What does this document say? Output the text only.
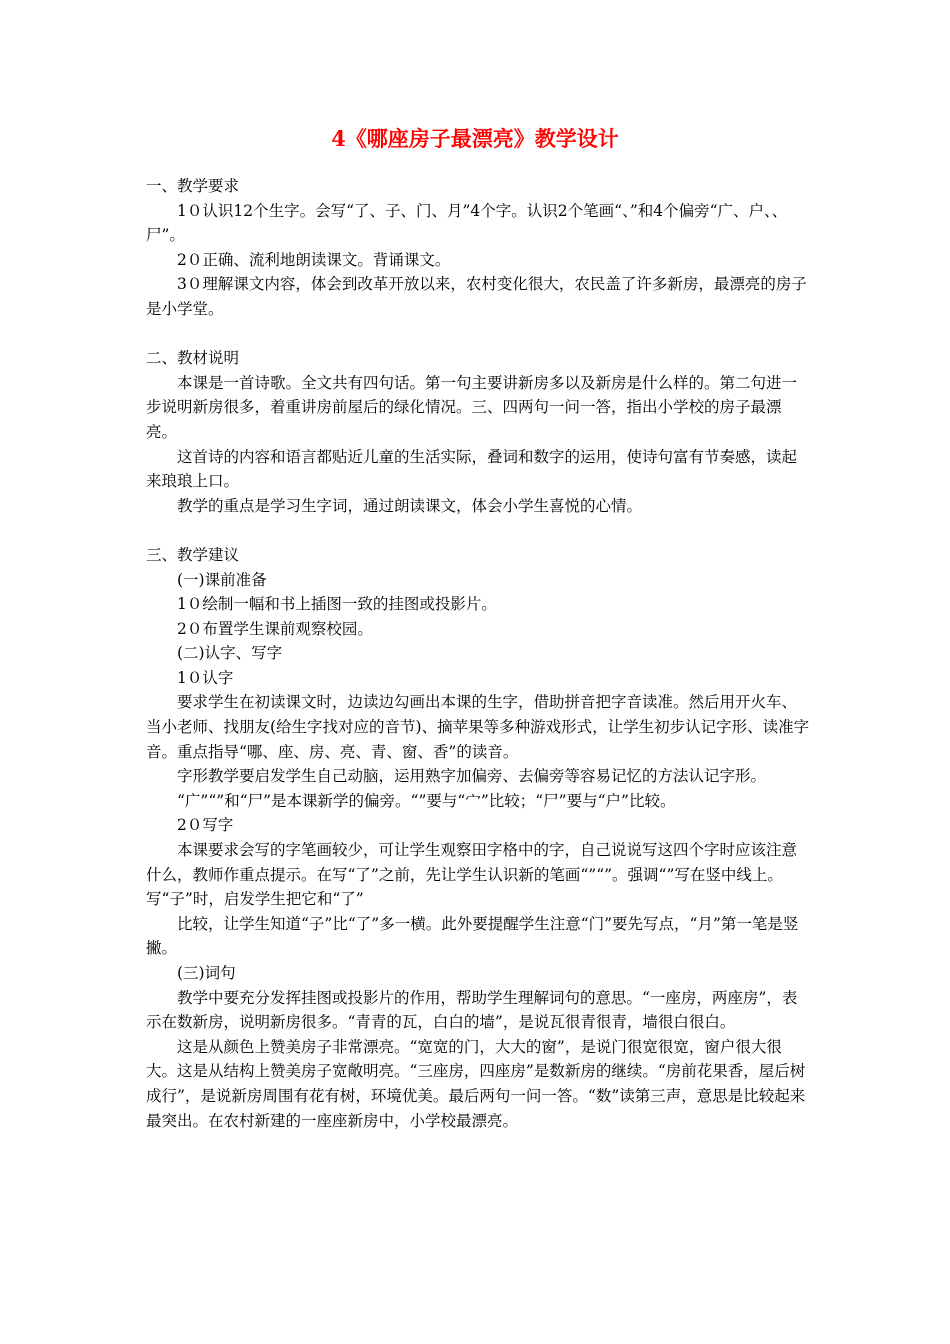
4《哪座房子最漂亮》教学设计

一、教学要求

1０认识12个生字。会写“了、子、门、月”4个字。认识2个笔画“、”和4个偏旁“广、户、、尸”。

2０正确、流利地朗读课文。背诵课文。

3０理解课文内容，体会到改革开放以来，农村变化很大，农民盖了许多新房，最漂亮的房子是小学堂。

二、教材说明

本课是一首诗歌。全文共有四句话。第一句主要讲新房多以及新房是什么样的。第二句进一步说明新房很多，着重讲房前屋后的绿化情况。三、四两句一问一答，指出小学校的房子最漂亮。

这首诗的内容和语言都贴近儿童的生活实际，叠词和数字的运用，使诗句富有节奏感，读起来琅琅上口。

教学的重点是学习生字词，通过朗读课文，体会小学生喜悦的心情。

三、教学建议

(一)课前准备

1０绘制一幅和书上插图一致的挂图或投影片。

2０布置学生课前观察校园。

(二)认字、写字

1０认字

要求学生在初读课文时，边读边勾画出本课的生字，借助拼音把字音读准。然后用开火车、当小老师、找朋友(给生字找对应的音节)、摘苹果等多种游戏形式，让学生初步认记字形、读准字音。重点指导“哪、座、房、亮、青、窗、香”的读音。

字形教学要启发学生自己动脑，运用熟字加偏旁、去偏旁等容易记忆的方法认记字形。

“广”“”和“尸”是本课新学的偏旁。“”要与“宀”比较；“尸”要与“户”比较。

2０写字

本课要求会写的字笔画较少，可让学生观察田字格中的字，自己说说写这四个字时应该注意什么，教师作重点提示。在写“了”之前，先让学生认识新的笔画“”“”。强调“”写在竖中线上。写“子”时，启发学生把它和“了”

比较，让学生知道“子”比“了”多一横。此外要提醒学生注意“门”要先写点，“月”第一笔是竖撇。

(三)词句

教学中要充分发挥挂图或投影片的作用，帮助学生理解词句的意思。“一座房，两座房”，表示在数新房，说明新房很多。“青青的瓦，白白的墙”，是说瓦很青很青，墙很白很白。

这是从颜色上赞美房子非常漂亮。“宽宽的门，大大的窗”，是说门很宽很宽，窗户很大很大。这是从结构上赞美房子宽敞明亮。“三座房，四座房”是数新房的继续。“房前花果香，屋后树成行”，是说新房周围有花有树，环境优美。最后两句一问一答。“数”读第三声，意思是比较起来最突出。在农村新建的一座座新房中，小学校最漂亮。
